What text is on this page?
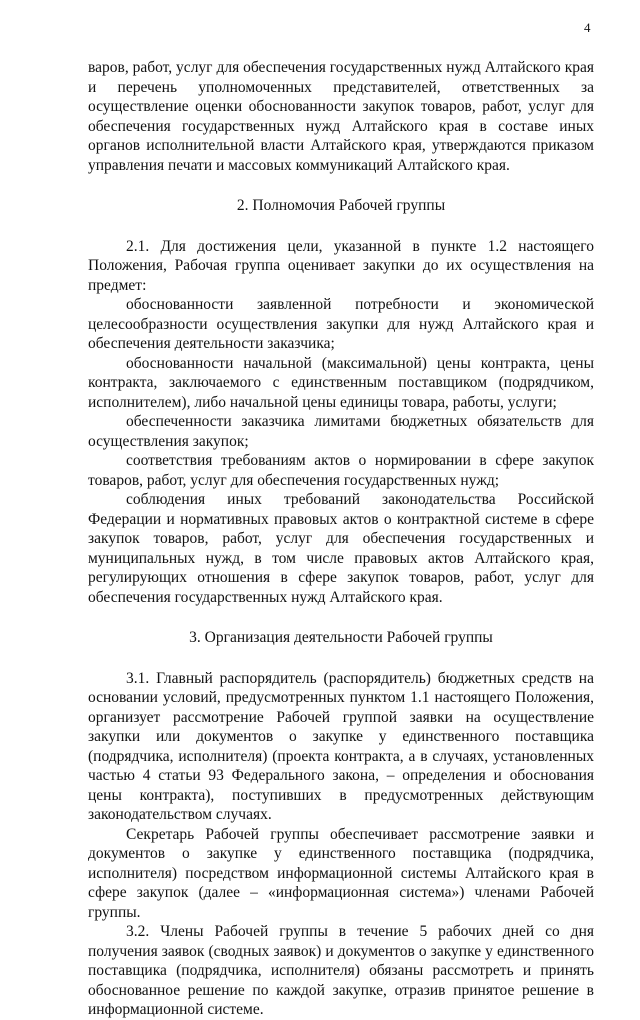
4

варов, работ, услуг для обеспечения государственных нужд Алтайского края и перечень уполномоченных представителей, ответственных за осуществление оценки обоснованности закупок товаров, работ, услуг для обеспечения государственных нужд Алтайского края в составе иных органов исполнительной власти Алтайского края, утверждаются приказом управления печати и массовых коммуникаций Алтайского края.

2. Полномочия Рабочей группы

2.1. Для достижения цели, указанной в пункте 1.2 настоящего Положения, Рабочая группа оценивает закупки до их осуществления на предмет:

обоснованности заявленной потребности и экономической целесообразности осуществления закупки для нужд Алтайского края и обеспечения деятельности заказчика;

обоснованности начальной (максимальной) цены контракта, цены контракта, заключаемого с единственным поставщиком (подрядчиком, исполнителем), либо начальной цены единицы товара, работы, услуги;

обеспеченности заказчика лимитами бюджетных обязательств для осуществления закупок;

соответствия требованиям актов о нормировании в сфере закупок товаров, работ, услуг для обеспечения государственных нужд;

соблюдения иных требований законодательства Российской Федерации и нормативных правовых актов о контрактной системе в сфере закупок товаров, работ, услуг для обеспечения государственных и муниципальных нужд, в том числе правовых актов Алтайского края, регулирующих отношения в сфере закупок товаров, работ, услуг для обеспечения государственных нужд Алтайского края.

3. Организация деятельности Рабочей группы

3.1. Главный распорядитель (распорядитель) бюджетных средств на основании условий, предусмотренных пунктом 1.1 настоящего Положения, организует рассмотрение Рабочей группой заявки на осуществление закупки или документов о закупке у единственного поставщика (подрядчика, исполнителя) (проекта контракта, а в случаях, установленных частью 4 статьи 93 Федерального закона, – определения и обоснования цены контракта), поступивших в предусмотренных действующим законодательством случаях.

Секретарь Рабочей группы обеспечивает рассмотрение заявки и документов о закупке у единственного поставщика (подрядчика, исполнителя) посредством информационной системы Алтайского края в сфере закупок (далее – «информационная система») членами Рабочей группы.

3.2. Члены Рабочей группы в течение 5 рабочих дней со дня получения заявок (сводных заявок) и документов о закупке у единственного поставщика (подрядчика, исполнителя) обязаны рассмотреть и принять обоснованное решение по каждой закупке, отразив принятое решение в информационной системе.
